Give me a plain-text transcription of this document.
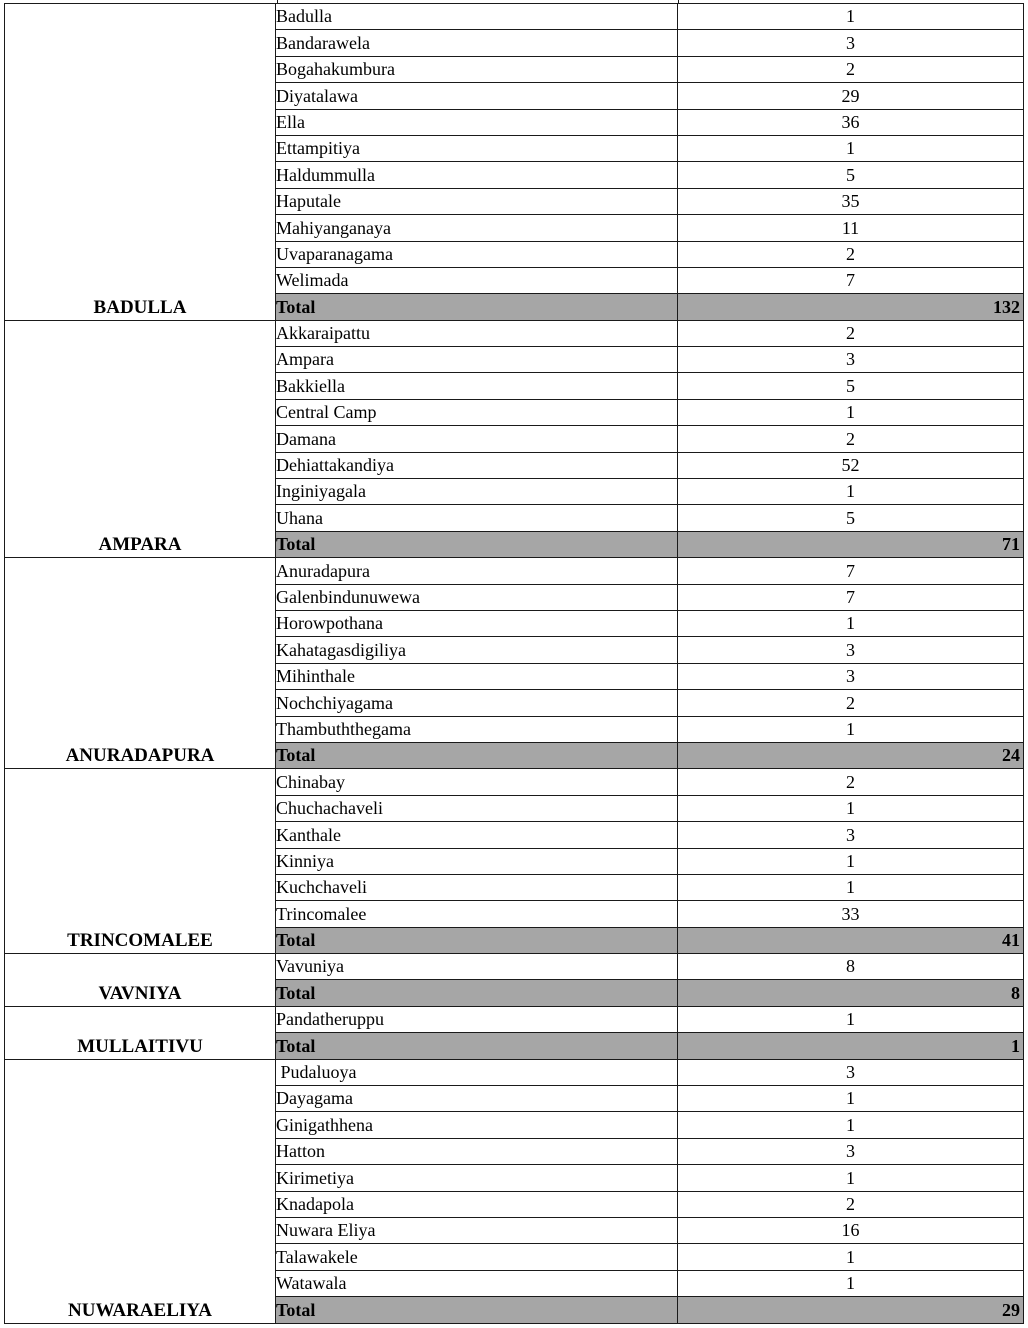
BADULLA	Badulla	1
	Bandarawela	3
	Bogahakumbura	2
	Diyatalawa	29
	Ella	36
	Ettampitiya	1
	Haldummulla	5
	Haputale	35
	Mahiyanganaya	11
	Uvaparanagama	2
	Welimada	7
	Total	132
AMPARA	Akkaraipattu	2
	Ampara	3
	Bakkiella	5
	Central Camp	1
	Damana	2
	Dehiattakandiya	52
	Inginiyagala	1
	Uhana	5
	Total	71
ANURADAPURA	Anuradapura	7
	Galenbindunuwewa	7
	Horowpothana	1
	Kahatagasdigiliya	3
	Mihinthale	3
	Nochchiyagama	2
	Thambuththegama	1
	Total	24
TRINCOMALEE	Chinabay	2
	Chuchachaveli	1
	Kanthale	3
	Kinniya	1
	Kuchchaveli	1
	Trincomalee	33
	Total	41
VAVNIYA	Vavuniya	8
	Total	8
MULLAITIVU	Pandatheruppu	1
	Total	1
NUWARAELIYA	Pudaluoya	3
	Dayagama	1
	Ginigathhena	1
	Hatton	3
	Kirimetiya	1
	Knadapola	2
	Nuwara Eliya	16
	Talawakele	1
	Watawala	1
	Total	29
